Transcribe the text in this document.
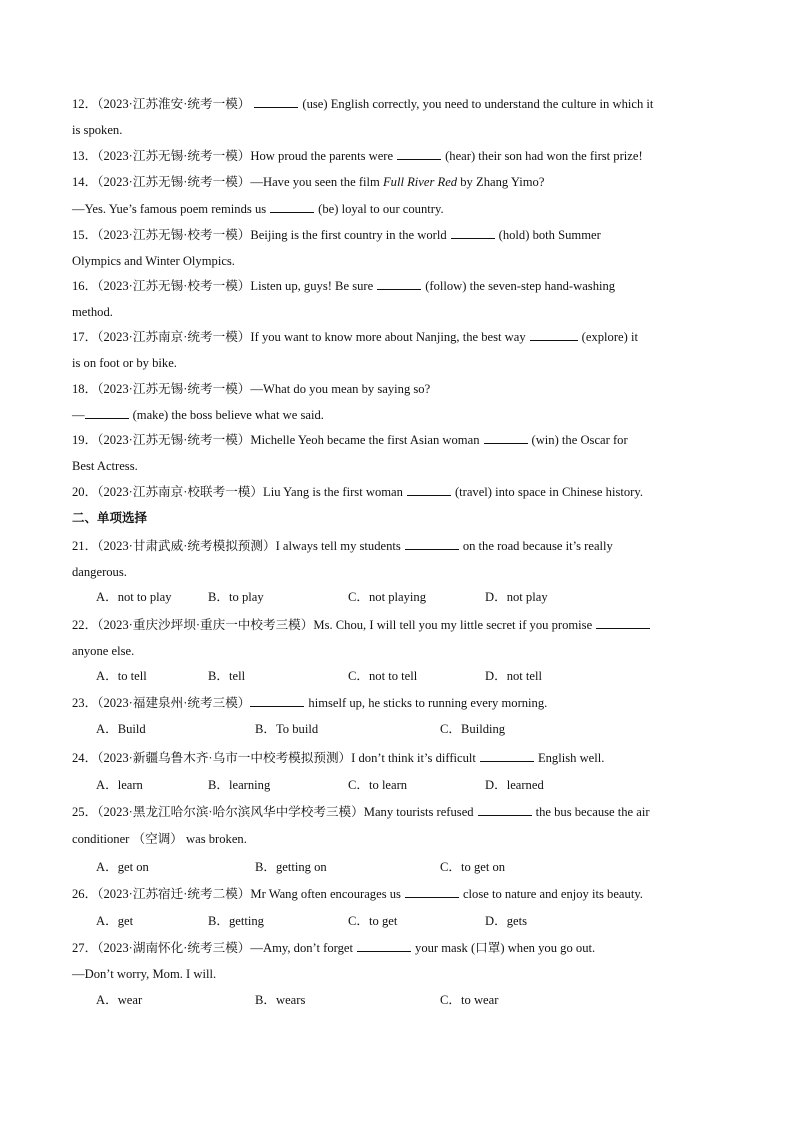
12．（2023·江苏淮安·统考一模）	(use) English correctly, you need to understand the culture in which it
is spoken.
13．（2023·江苏无锡·统考一模）How proud the parents were	(hear) their son had won the first prize!
14．（2023·江苏无锡·统考一模）—Have you seen the film Full River Red by Zhang Yimo?
—Yes. Yue’s famous poem reminds us	(be) loyal to our country.
15．（2023·江苏无锡·校考一模）Beijing is the first country in the world	(hold) both Summer
Olympics and Winter Olympics.
16．（2023·江苏无锡·校考一模）Listen up, guys! Be sure	(follow) the seven-step hand-washing
method.
17．（2023·江苏南京·统考一模）If you want to know more about Nanjing, the best way	(explore) it
is on foot or by bike.
18．（2023·江苏无锡·统考一模）—What do you mean by saying so?
—	(make) the boss believe what we said.
19．（2023·江苏无锡·统考一模）Michelle Yeoh became the first Asian woman	(win) the Oscar for
Best Actress.
20．（2023·江苏南京·校联考一模）Liu Yang is the first woman	(travel) into space in Chinese history.
二、单项选择
21．（2023·甘肃武威·统考模拟预测）I always tell my students	on the road because it’s really
dangerous.
A．not to play	B．to play	C．not playing	D．not play
22．（2023·重庆沙坪坝·重庆一中校考三模）Ms. Chou, I will tell you my little secret if you promise
anyone else.
A．to tell	B．tell	C．not to tell	D．not tell
23．（2023·福建泉州·统考三模）	himself up, he sticks to running every morning.
A．Build	B．To build	C．Building
24．（2023·新疆乌鲁木齐·乌市一中校考模拟预测）I don’t think it’s difficult	English well.
A．learn	B．learning	C．to learn	D．learned
25．（2023·黑龙江哈尔滨·哈尔滨风华中学校考三模）Many tourists refused	the bus because the air
conditioner （空调） was broken.
A．get on	B．getting on	C．to get on
26．（2023·江苏宿迁·统考二模）Mr Wang often encourages us	close to nature and enjoy its beauty.
A．get	B．getting	C．to get	D．gets
27．（2023·湖南怀化·统考三模）—Amy, don’t forget	your mask (口罩) when you go out.
—Don’t worry, Mom. I will.
A．wear	B．wears	C．to wear
